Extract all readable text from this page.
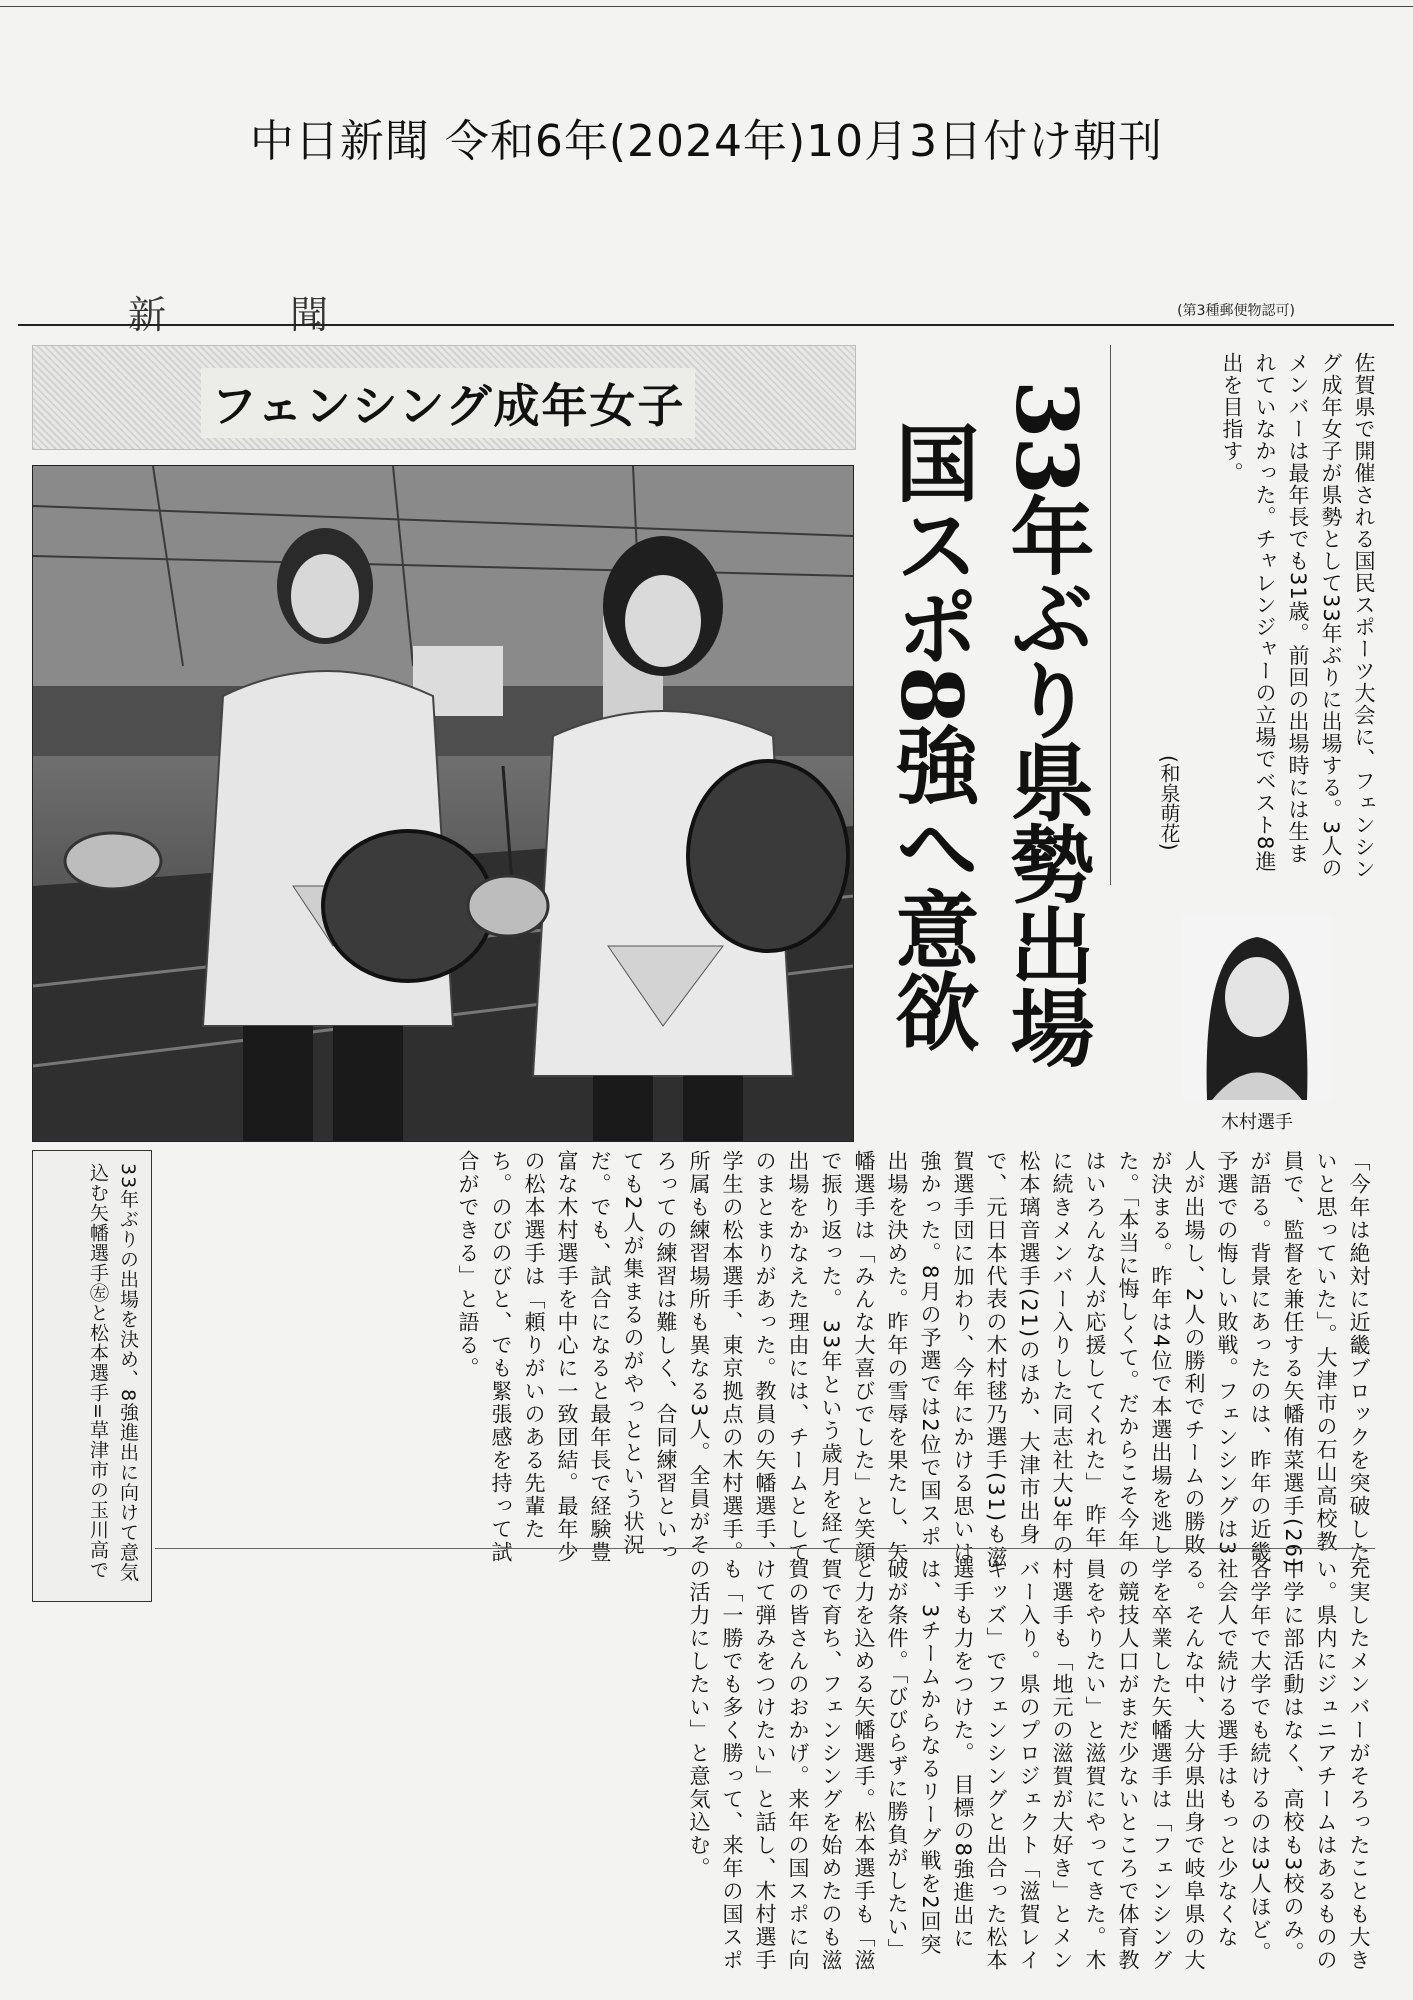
中日新聞 令和6年(2024年)10月3日付け朝刊
新 聞	(第3種郵便物認可)
フェンシング成年女子	33年ぶり県勢出場
国スポ8強へ意欲	佐賀県で開催される国民スポーツ大会に、フェンシング成年女子が県勢として33年ぶりに出場する。3人のメンバーは最年長でも31歳。前回の出場時には生まれていなかった。チャレンジャーの立場でベスト8進出を目指す。
(和泉萌花)
木村選手

33年ぶりの出場を決め、8強進出に向けて意気込む矢幡選手㊧と松本選手=草津市の玉川高で	「今年は絶対に近畿ブロックを突破したいと思っていた」。大津市の石山高校教員で、監督を兼任する矢幡侑菜選手(26)が語る。背景にあったのは、昨年の近畿予選での悔しい敗戦。フェンシングは3人が出場し、2人の勝利でチームの勝敗が決まる。昨年は4位で本選出場を逃した。「本当に悔しくて。だからこそ今年はいろんな人が応援してくれた」 昨年に続きメンバー入りした同志社大3年の松本璃音選手(21)のほか、大津市出身で、元日本代表の木村毬乃選手(31)も滋賀選手団に加わり、今年にかける思いは強かった。8月の予選では2位で国スポ出場を決めた。昨年の雪辱を果たし、矢幡選手は「みんな大喜びでした」と笑顔で振り返った。 33年という歳月を経て出場をかなえた理由には、チームとしてのまとまりがあった。教員の矢幡選手、学生の松本選手、東京拠点の木村選手。所属も練習場所も異なる3人。全員がそろっての練習は難しく、合同練習といっても2人が集まるのがやっとという状況だ。でも、試合になると最年長で経験豊富な木村選手を中心に一致団結。最年少の松本選手は「頼りがいのある先輩たち。のびのびと、でも緊張感を持って試合ができる」と語る。
充実したメンバーがそろったことも大きい。県内にジュニアチームはあるものの中学に部活動はなく、高校も3校のみ。各学年で大学でも続けるのは3人ほど。社会人で続ける選手はもっと少なくなる。そんな中、大分県出身で岐阜県の大学を卒業した矢幡選手は「フェンシングの競技人口がまだ少ないところで体育教員をやりたい」と滋賀にやってきた。木村選手も「地元の滋賀が大好き」とメンバー入り。県のプロジェクト「滋賀レイキッズ」でフェンシングと出合った松本選手も力をつけた。 目標の8強進出には、3チームからなるリーグ戦を2回突破が条件。「びびらずに勝負がしたい」と力を込める矢幡選手。松本選手も「滋賀で育ち、フェンシングを始めたのも滋賀の皆さんのおかげ。来年の国スポに向けて弾みをつけたい」と話し、木村選手も「一勝でも多く勝って、来年の国スポの活力にしたい」と意気込む。
